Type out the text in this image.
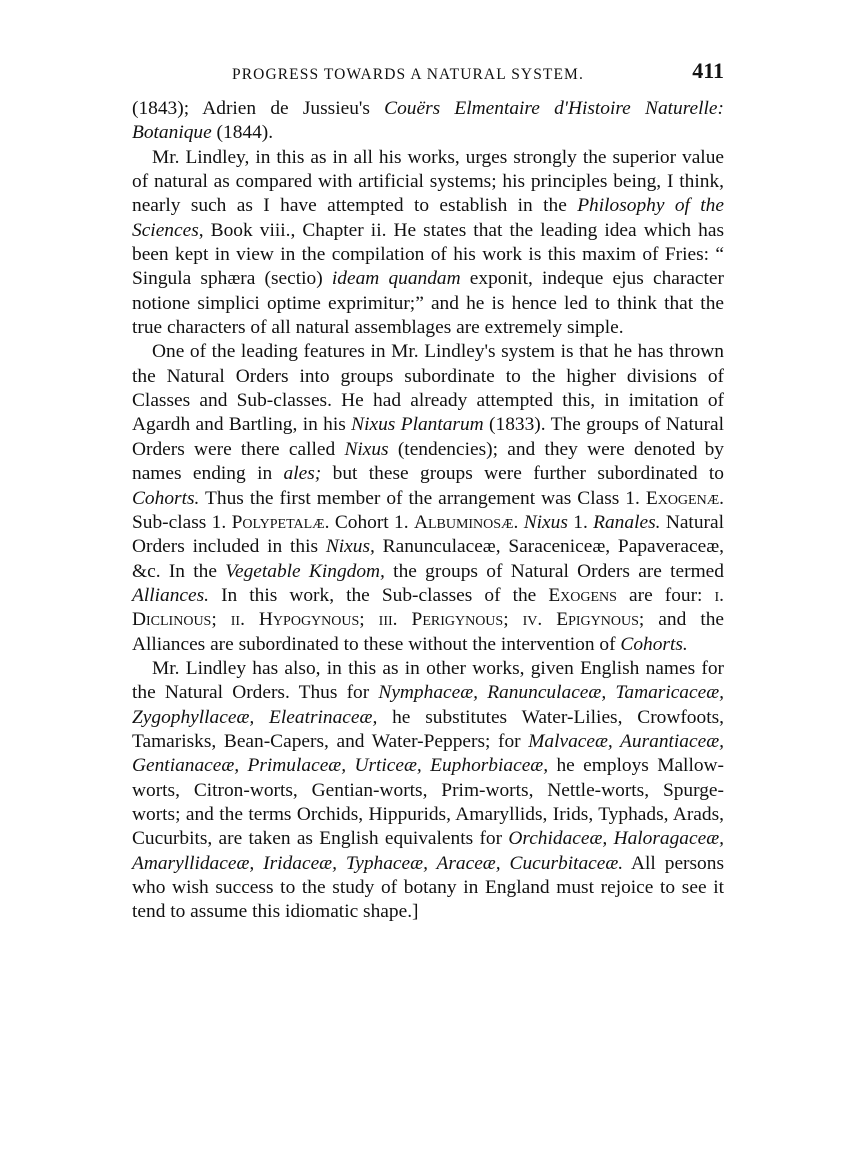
PROGRESS TOWARDS A NATURAL SYSTEM.	411

(1843); Adrien de Jussieu's Couërs Elmentaire d'Histoire Naturelle: Botanique (1844).

Mr. Lindley, in this as in all his works, urges strongly the superior value of natural as compared with artificial systems; his principles being, I think, nearly such as I have attempted to establish in the Philosophy of the Sciences, Book viii., Chapter ii. He states that the leading idea which has been kept in view in the compilation of his work is this maxim of Fries: “ Singula sphæra (sectio) ideam quandam exponit, indeque ejus character notione simplici optime exprimitur;” and he is hence led to think that the true characters of all natural assemblages are extremely simple.

One of the leading features in Mr. Lindley's system is that he has thrown the Natural Orders into groups subordinate to the higher divisions of Classes and Sub-classes. He had already attempted this, in imitation of Agardh and Bartling, in his Nixus Plantarum (1833). The groups of Natural Orders were there called Nixus (tendencies); and they were denoted by names ending in ales; but these groups were further subordinated to Cohorts. Thus the first member of the arrangement was Class 1. Exogenæ. Sub-class 1. Polypetalæ. Cohort 1. Albuminosæ. Nixus 1. Ranales. Natural Orders included in this Nixus, Ranunculaceæ, Saraceniceæ, Papaveraceæ, &c. In the Vegetable Kingdom, the groups of Natural Orders are termed Alliances. In this work, the Sub-classes of the Exogens are four: i. Diclinous; ii. Hypogynous; iii. Perigynous; iv. Epigynous; and the Alliances are subordinated to these without the intervention of Cohorts.

Mr. Lindley has also, in this as in other works, given English names for the Natural Orders. Thus for Nymphaceæ, Ranunculaceæ, Tamaricaceæ, Zygophyllaceæ, Eleatrinaceæ, he substitutes Water-Lilies, Crowfoots, Tamarisks, Bean-Capers, and Water-Peppers; for Malvaceæ, Aurantiaceæ, Gentianaceæ, Primulaceæ, Urticeæ, Euphorbiaceæ, he employs Mallow-worts, Citron-worts, Gentian-worts, Prim-worts, Nettle-worts, Spurge-worts; and the terms Orchids, Hippurids, Amaryllids, Irids, Typhads, Arads, Cucurbits, are taken as English equivalents for Orchidaceæ, Haloragaceæ, Amaryllidaceæ, Iridaceæ, Typhaceæ, Araceæ, Cucurbitaceæ. All persons who wish success to the study of botany in England must rejoice to see it tend to assume this idiomatic shape.]
